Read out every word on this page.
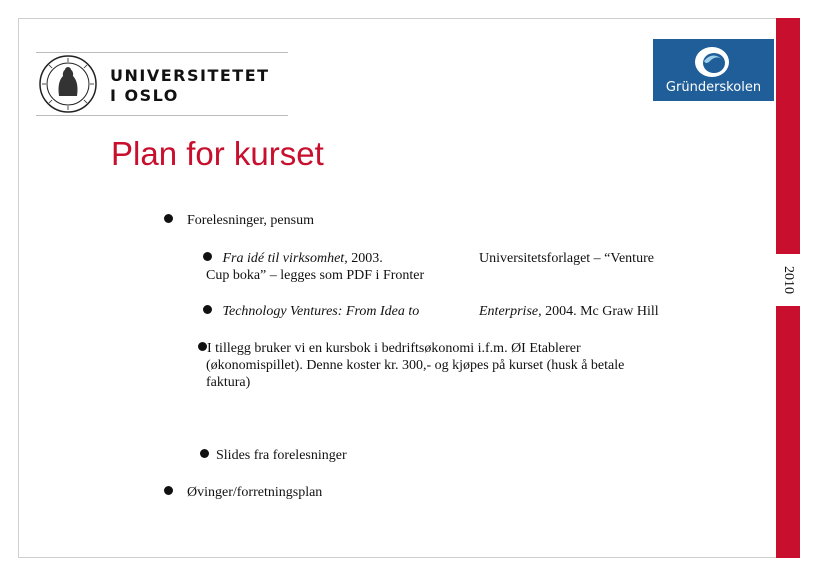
2010
UNIVERSITETET
I OSLO	Gründerskolen
Plan for kurset
Forelesninger, pensum
Fra idé til virksomhet, 2003.	Universitetsforlaget – “Venture
Cup boka” – legges som PDF i Fronter
Technology Ventures: From Idea to	Enterprise, 2004. Mc Graw Hill
I tillegg bruker vi en kursbok i bedriftsøkonomi i.f.m. ØI Etablerer
(økonomispillet). Denne koster kr. 300,- og kjøpes på kurset (husk å betale
faktura)
Slides fra forelesninger
Øvinger/forretningsplan
